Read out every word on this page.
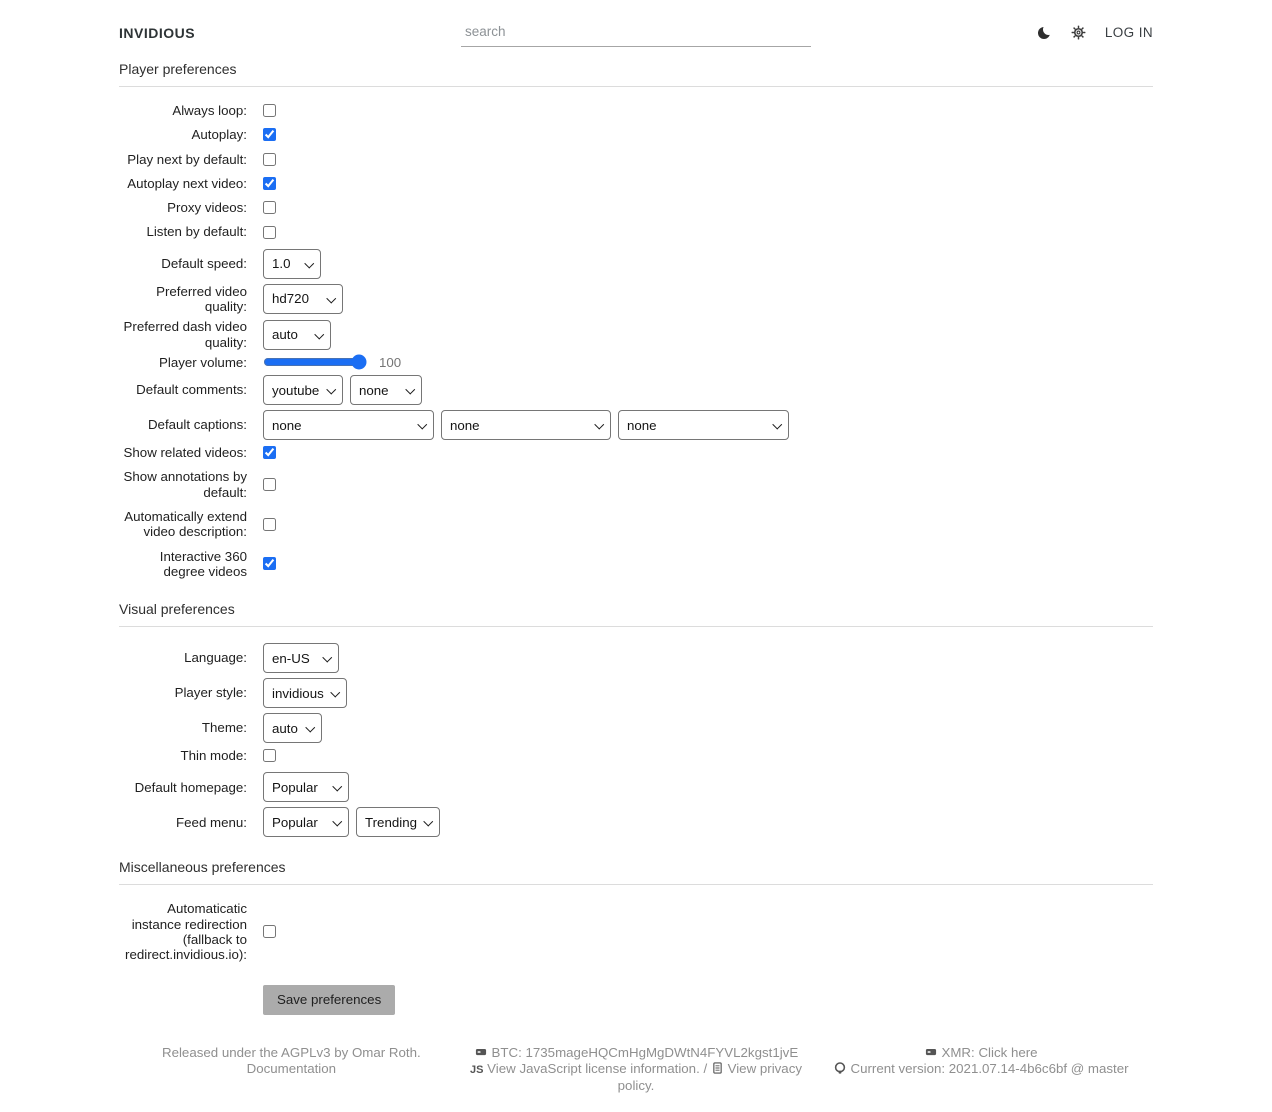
INVIDIOUS
search	LOG IN
Player preferences
Always loop:
Autoplay:
Play next by default:
Autoplay next video:
Proxy videos:
Listen by default:
Default speed:
1.0
Preferred video quality:
hd720
Preferred dash video quality:
auto
Player volume:	100
Default comments:
youtube
none
Default captions:
none
none
none
Show related videos:
Show annotations by default:
Automatically extend video description:
Interactive 360 degree videos
Visual preferences
Language:
en-US
Player style:
invidious
Theme:
auto
Thin mode:
Default homepage:
Popular
Feed menu:
Popular
Trending
Miscellaneous preferences
Automaticatic instance redirection (fallback to redirect.invidious.io):
Save preferences
Released under the AGPLv3 by Omar Roth.
Documentation
BTC: 1735mageHQCmHgMgDWtN4FYVL2kgst1jvE
JS View JavaScript license information. / View privacy policy.
XMR: Click here
Current version: 2021.07.14-4b6c6bf @ master
